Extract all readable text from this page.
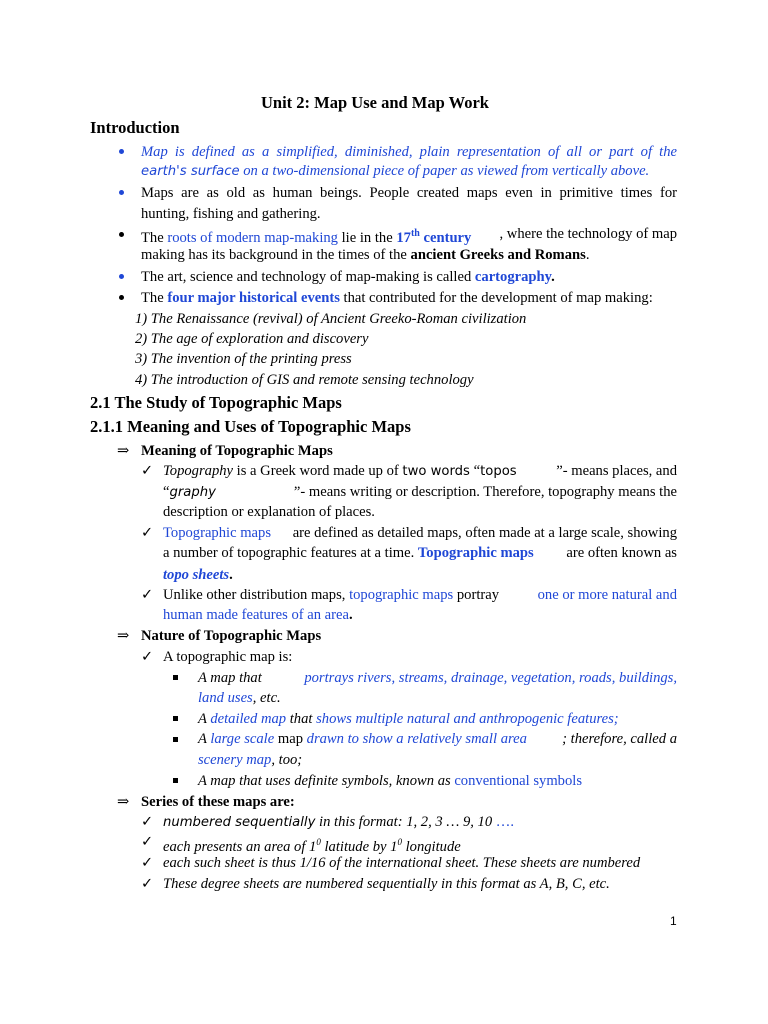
Unit 2: Map Use and Map Work
Introduction
Map is defined as a simplified, diminished, plain representation of all or part of the
earth's surface on a two-dimensional piece of paper as viewed from vertically above.
Maps are as old as human beings. People created maps even in primitive times for
hunting, fishing and gathering.
The roots of modern map-making lie in the 17th century , where the technology of map
making has its background in the times of the ancient Greeks and Romans.
The art, science and technology of map-making is called cartography.
The four major historical events that contributed for the development of map making:
1) The Renaissance (revival) of Ancient Greeko-Roman civilization
2) The age of exploration and discovery
3) The invention of the printing press
4) The introduction of GIS and remote sensing technology
2.1 The Study of Topographic Maps
2.1.1 Meaning and Uses of Topographic Maps
⇒ Meaning of Topographic Maps
✓ Topography is a Greek word made up of two words “topos	”- means places, and
“graphy	”- means writing or description. Therefore, topography means the
description or explanation of places.
✓ Topographic maps are defined as detailed maps, often made at a large scale, showing
a number of topographic features at a time. Topographic maps are often known as
topo sheets.
✓ Unlike other distribution maps, topographic maps portray	one or more natural and
human made features of an area.
⇒ Nature of Topographic Maps
✓ A topographic map is:
A map that	portrays rivers, streams, drainage, vegetation, roads, buildings,
land uses, etc.
A detailed map that shows multiple natural and anthropogenic features;
A large scale map drawn to show a relatively small area ; therefore, called a
scenery map, too;
A map that uses definite symbols, known as conventional symbols
⇒ Series of these maps are:
✓ numbered sequentially in this format: 1, 2, 3 … 9, 10 ….
✓ each presents an area of $1^0$ latitude by $1^0$ longitude
✓ each such sheet is thus 1/16 of the international sheet. These sheets are numbered
✓ These degree sheets are numbered sequentially in this format as A, B, C, etc.
1
